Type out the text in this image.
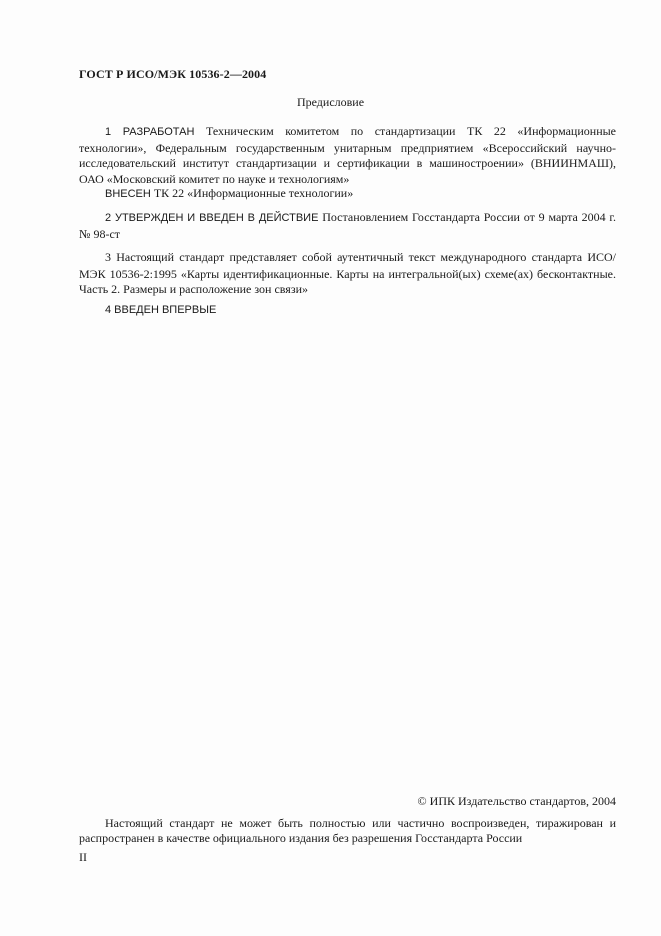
ГОСТ Р ИСО/МЭК 10536-2—2004
Предисловие
1 РАЗРАБОТАН Техническим комитетом по стандартизации ТК 22 «Информационные технологии», Федеральным государственным унитарным предприятием «Всероссийский научно-исследовательский институт стандартизации и сертификации в машиностроении» (ВНИИНМАШ), ОАО «Московский комитет по науке и технологиям»
ВНЕСЕН ТК 22 «Информационные технологии»
2 УТВЕРЖДЕН И ВВЕДЕН В ДЕЙСТВИЕ Постановлением Госстандарта России от 9 марта 2004 г. № 98-ст
3 Настоящий стандарт представляет собой аутентичный текст международного стандарта ИСО/МЭК 10536-2:1995 «Карты идентификационные. Карты на интегральной(ых) схеме(ах) бесконтактные. Часть 2. Размеры и расположение зон связи»
4 ВВЕДЕН ВПЕРВЫЕ
© ИПК Издательство стандартов, 2004
Настоящий стандарт не может быть полностью или частично воспроизведен, тиражирован и распространен в качестве официального издания без разрешения Госстандарта России
II
